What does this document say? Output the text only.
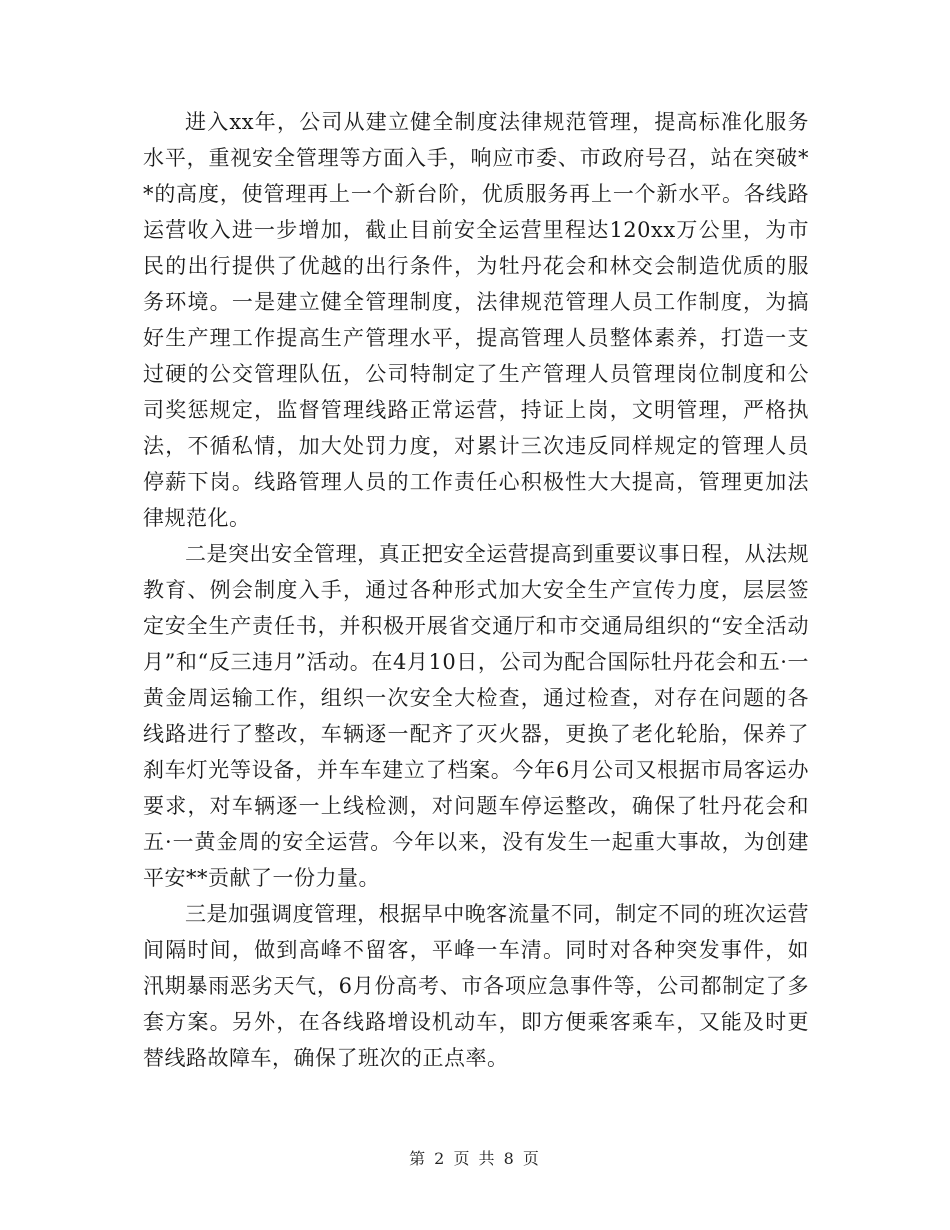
进入xx年，公司从建立健全制度法律规范管理，提高标准化服务水平，重视安全管理等方面入手，响应市委、市政府号召，站在突破**的高度，使管理再上一个新台阶，优质服务再上一个新水平。各线路运营收入进一步增加，截止目前安全运营里程达120xx万公里，为市民的出行提供了优越的出行条件，为牡丹花会和林交会制造优质的服务环境。一是建立健全管理制度，法律规范管理人员工作制度，为搞好生产理工作提高生产管理水平，提高管理人员整体素养，打造一支过硬的公交管理队伍，公司特制定了生产管理人员管理岗位制度和公司奖惩规定，监督管理线路正常运营，持证上岗，文明管理，严格执法，不循私情，加大处罚力度，对累计三次违反同样规定的管理人员停薪下岗。线路管理人员的工作责任心积极性大大提高，管理更加法律规范化。

二是突出安全管理，真正把安全运营提高到重要议事日程，从法规教育、例会制度入手，通过各种形式加大安全生产宣传力度，层层签定安全生产责任书，并积极开展省交通厅和市交通局组织的“安全活动月”和“反三违月”活动。在4月10日，公司为配合国际牡丹花会和五·一黄金周运输工作，组织一次安全大检查，通过检查，对存在问题的各线路进行了整改，车辆逐一配齐了灭火器，更换了老化轮胎，保养了刹车灯光等设备，并车车建立了档案。今年6月公司又根据市局客运办要求，对车辆逐一上线检测，对问题车停运整改，确保了牡丹花会和五·一黄金周的安全运营。今年以来，没有发生一起重大事故，为创建平安**贡献了一份力量。

三是加强调度管理，根据早中晚客流量不同，制定不同的班次运营间隔时间，做到高峰不留客，平峰一车清。同时对各种突发事件，如汛期暴雨恶劣天气，6月份高考、市各项应急事件等，公司都制定了多套方案。另外，在各线路增设机动车，即方便乘客乘车，又能及时更替线路故障车，确保了班次的正点率。

第 2 页 共 8 页
